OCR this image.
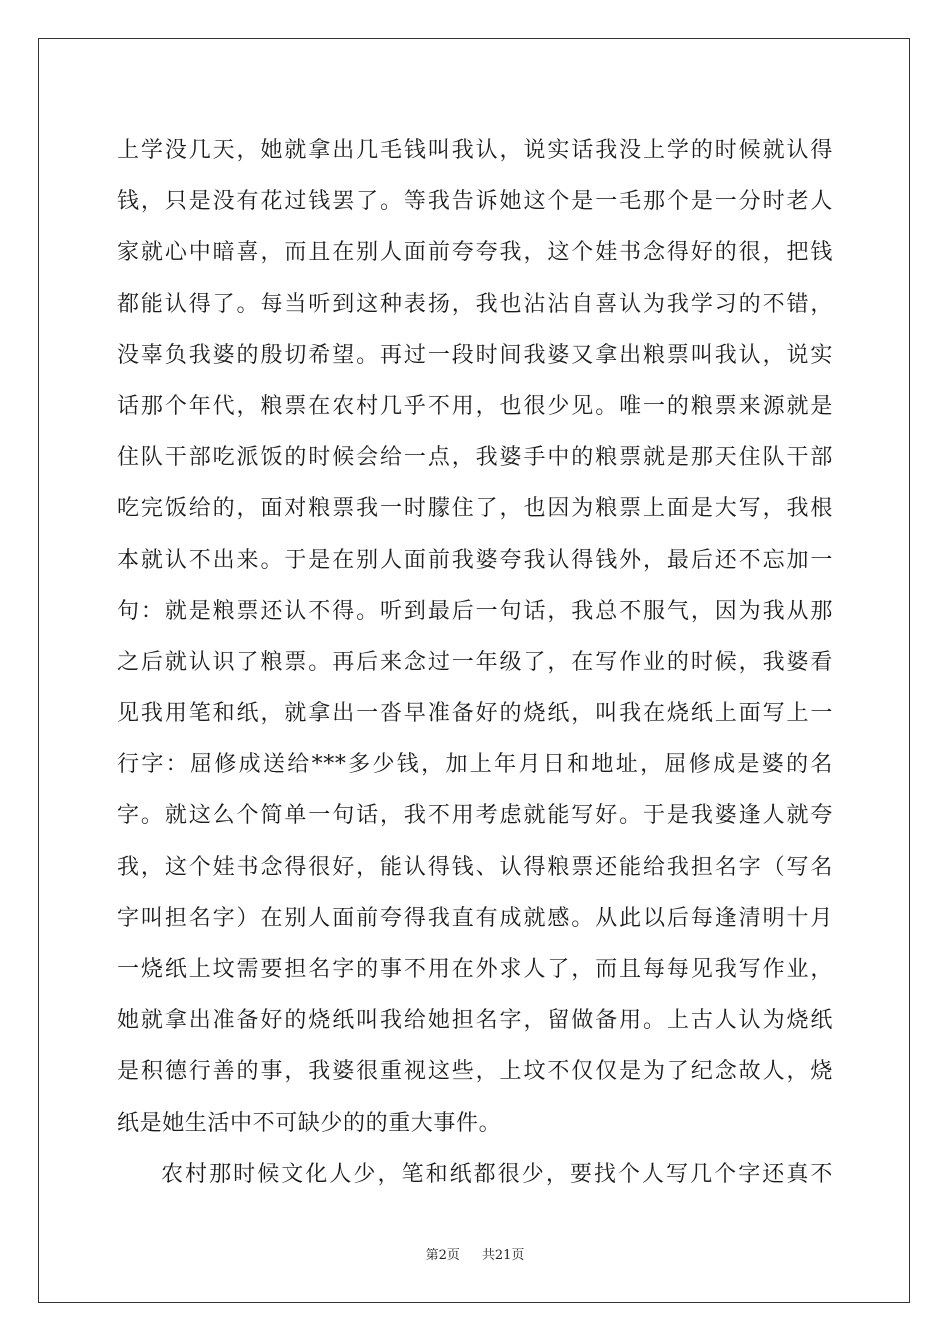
上学没几天，她就拿出几毛钱叫我认，说实话我没上学的时候就认得
钱，只是没有花过钱罢了。等我告诉她这个是一毛那个是一分时老人
家就心中暗喜，而且在别人面前夸夸我，这个娃书念得好的很，把钱
都能认得了。每当听到这种表扬，我也沾沾自喜认为我学习的不错，
没辜负我婆的殷切希望。再过一段时间我婆又拿出粮票叫我认，说实
话那个年代，粮票在农村几乎不用，也很少见。唯一的粮票来源就是
住队干部吃派饭的时候会给一点，我婆手中的粮票就是那天住队干部
吃完饭给的，面对粮票我一时朦住了，也因为粮票上面是大写，我根
本就认不出来。于是在别人面前我婆夸我认得钱外，最后还不忘加一
句：就是粮票还认不得。听到最后一句话，我总不服气，因为我从那
之后就认识了粮票。再后来念过一年级了，在写作业的时候，我婆看
见我用笔和纸，就拿出一沓早准备好的烧纸，叫我在烧纸上面写上一
行字：屈修成送给***多少钱，加上年月日和地址，屈修成是婆的名
字。就这么个简单一句话，我不用考虑就能写好。于是我婆逢人就夸
我，这个娃书念得很好，能认得钱、认得粮票还能给我担名字（写名
字叫担名字）在别人面前夸得我直有成就感。从此以后每逢清明十月
一烧纸上坟需要担名字的事不用在外求人了，而且每每见我写作业，
她就拿出准备好的烧纸叫我给她担名字，留做备用。上古人认为烧纸
是积德行善的事，我婆很重视这些，上坟不仅仅是为了纪念故人，烧
纸是她生活中不可缺少的的重大事件。
农村那时候文化人少，笔和纸都很少，要找个人写几个字还真不
第2页 共21页
